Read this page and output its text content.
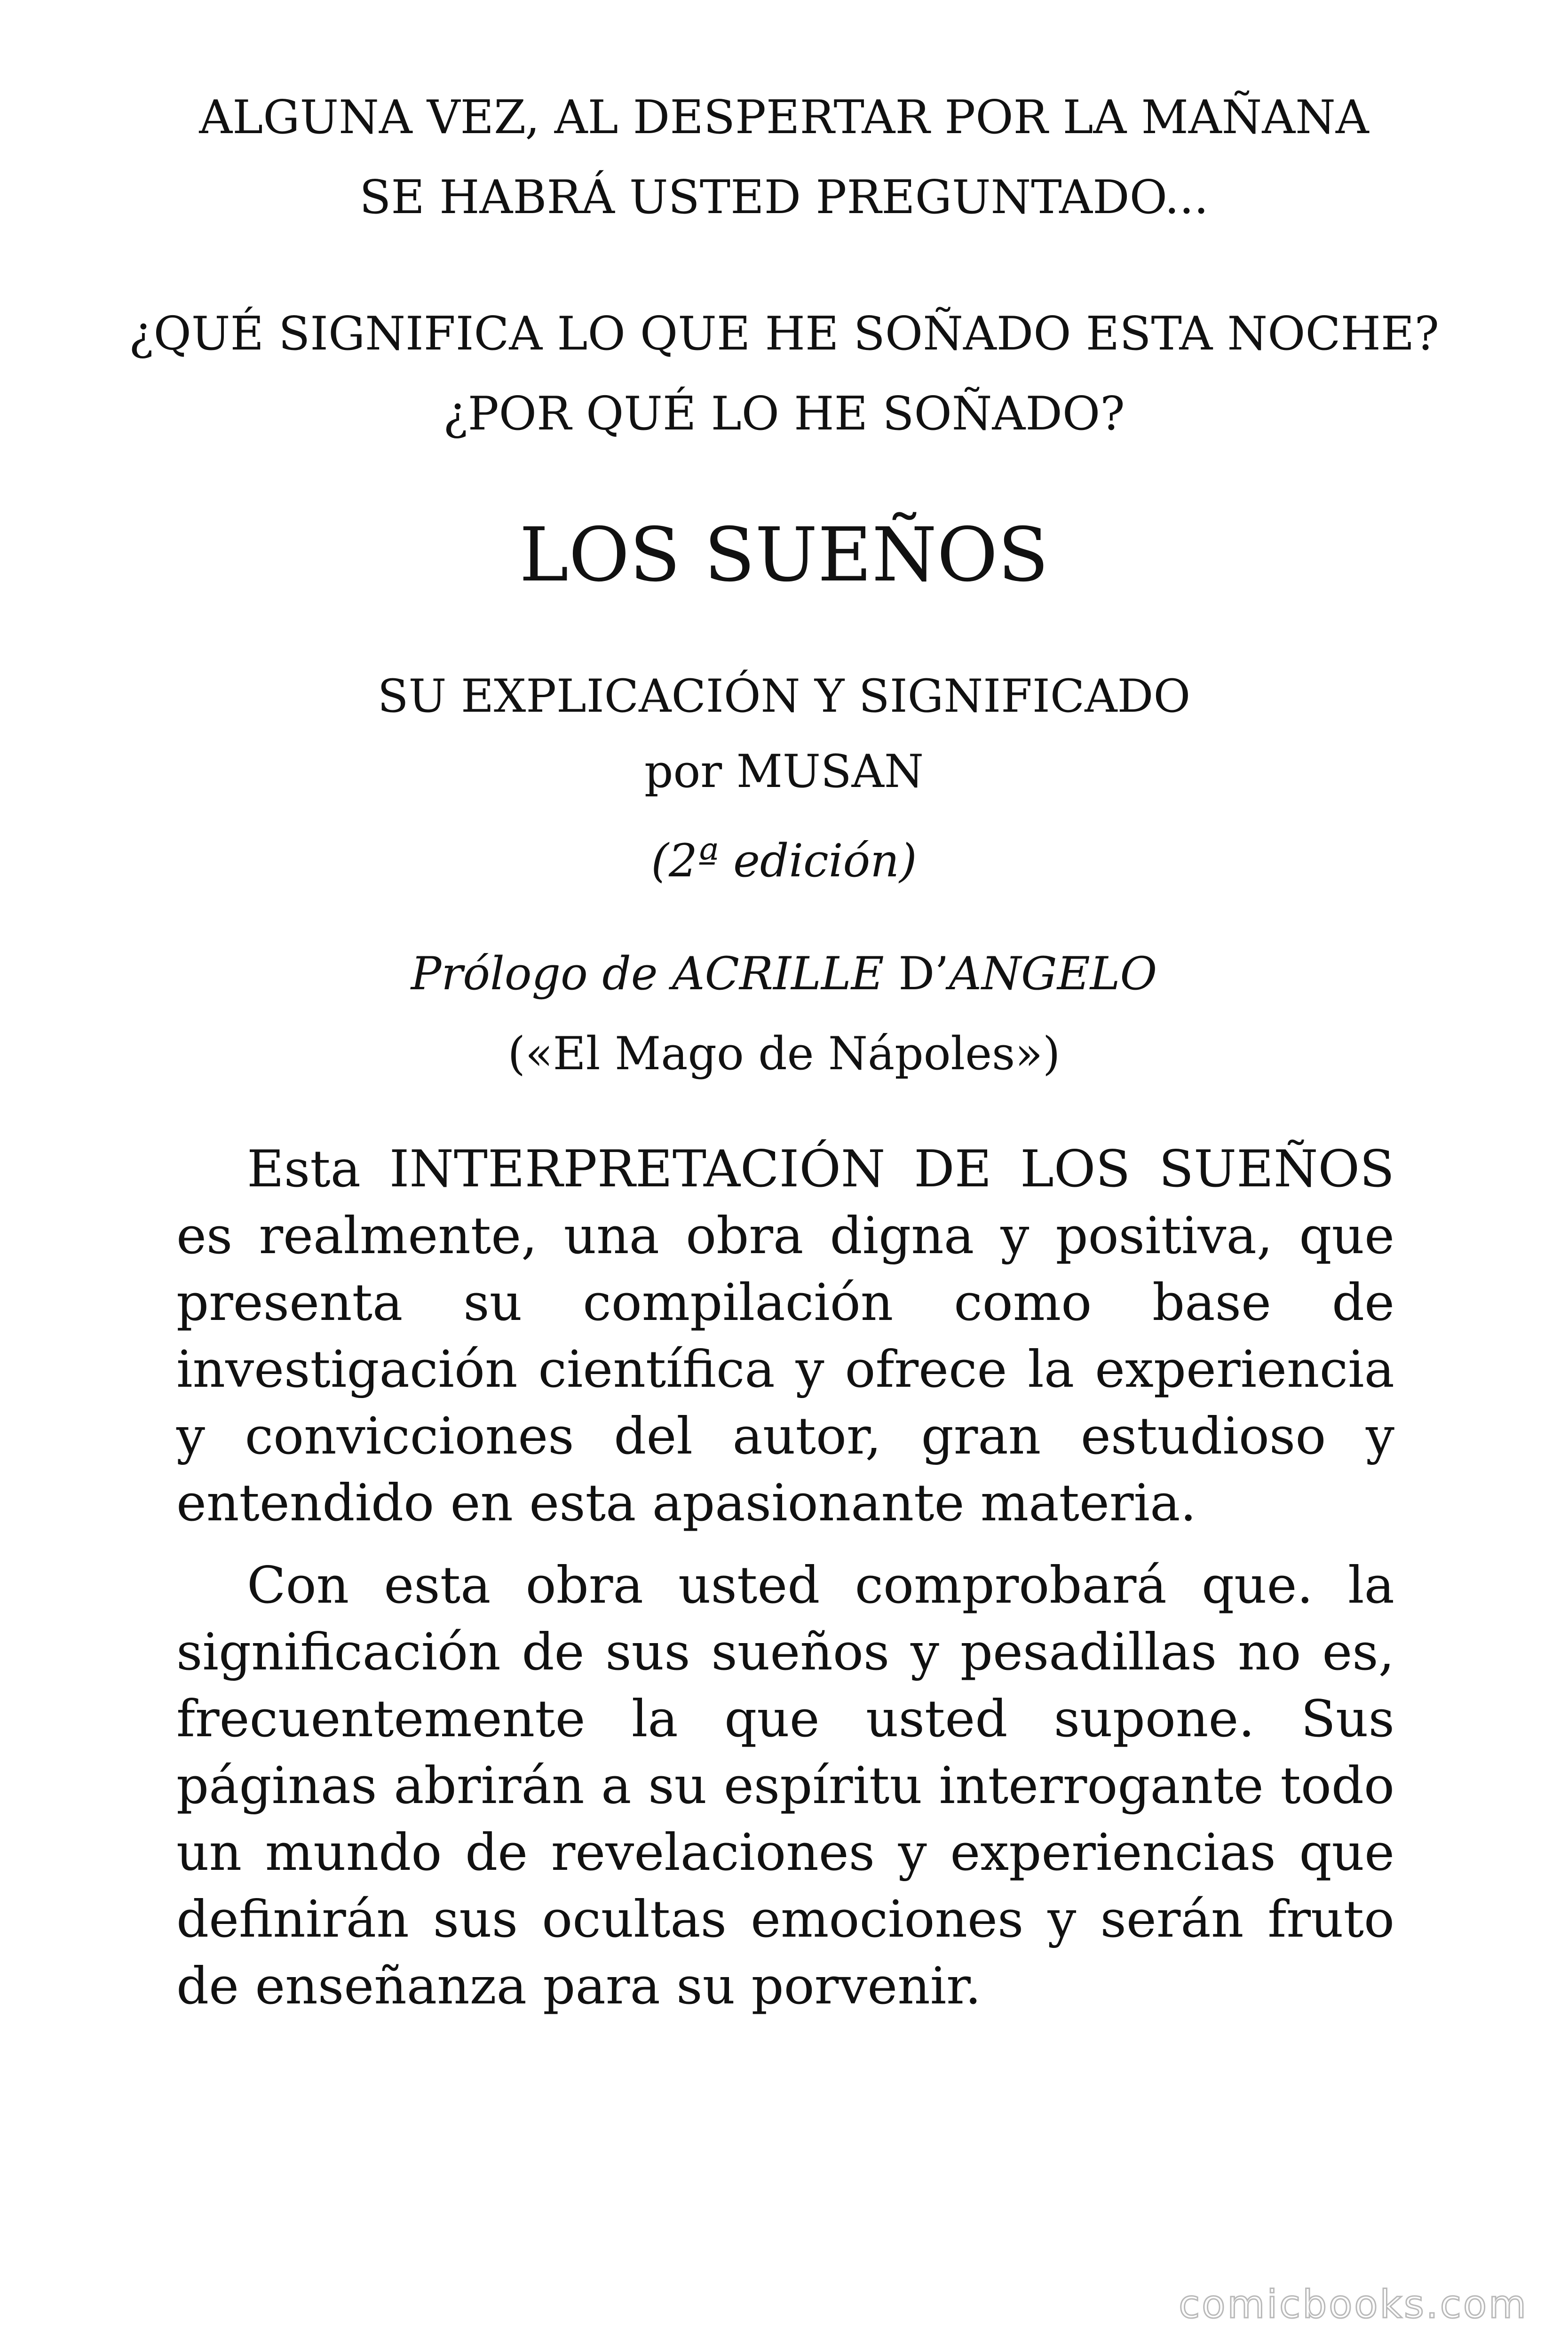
ALGUNA VEZ, AL DESPERTAR POR LA MAÑANA
SE HABRÁ USTED PREGUNTADO...
¿QUÉ SIGNIFICA LO QUE HE SOÑADO ESTA NOCHE?
¿POR QUÉ LO HE SOÑADO?
LOS SUEÑOS
SU EXPLICACIÓN Y SIGNIFICADO
por MUSAN
(2ª edición)
Prólogo de ACRILLE D’ANGELO
(«El Mago de Nápoles»)

Esta INTERPRETACIÓN DE LOS SUEÑOS es realmente, una obra digna y positiva, que presenta su compilación como base de investigación científica y ofrece la experiencia y convicciones del autor, gran estudioso y entendido en esta apasionante materia.

Con esta obra usted comprobará que. la significación de sus sueños y pesadillas no es, frecuentemente la que usted supone. Sus páginas abrirán a su espíritu interrogante todo un mundo de revelaciones y experiencias que definirán sus ocultas emociones y serán fruto de enseñanza para su porvenir.

comicbooks.com
